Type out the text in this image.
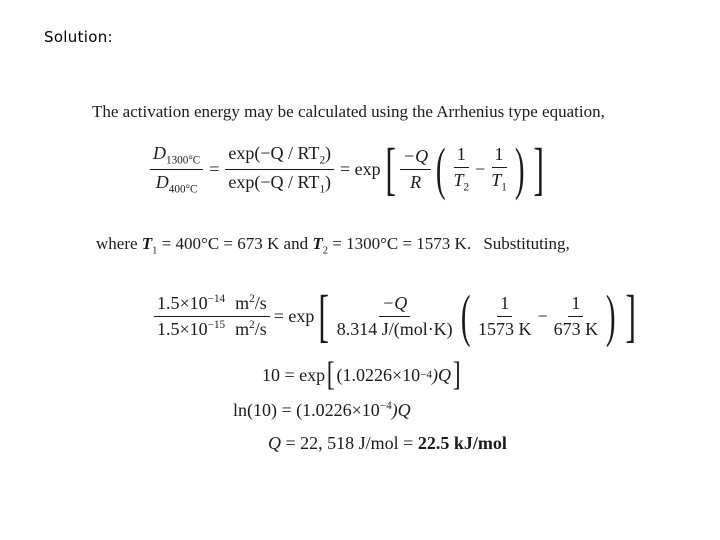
Solution:
The activation energy may be calculated using the Arrhenius type equation,
$\frac{D_{1300^\circ C}}{D_{400^\circ C}} = \frac{\exp(-Q / RT_2)}{\exp(-Q / RT_1)} = \exp$ [ $\frac{-Q}{R}$ ( $\frac{1}{T_2} - \frac{1}{T_1}$ ) ]
where $T_1 = 400^\circ C = 673$ K and $T_2 = 1300^\circ C = 1573$ K. Substituting,
$\frac{1.5\times 10^{-14} m^2/s}{1.5\times 10^{-15} m^2/s} = \exp$ [ $\frac{-Q}{\text{8.314 J/(mol·K)}}$ ( $\frac{1}{1573 K} - \frac{1}{673 K}$ ) ]
10 = exp [ (1.0226×10 −4 )Q ]
$\ln(10) = (1.0226\times 10^{-4})Q$
Q = 22, 518 J/mol = 22.5 kJ/mol
